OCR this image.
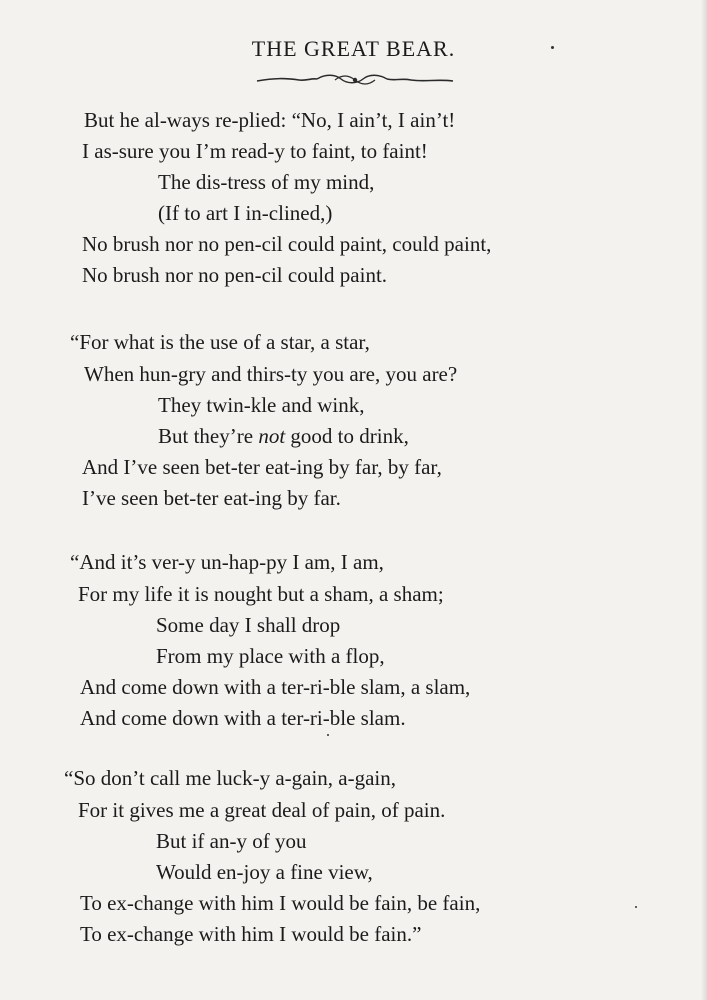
THE GREAT BEAR.
But he al-ways re-plied: “No, I ain’t, I ain’t!
I as-sure you I’m read-y to faint, to faint!
The dis-tress of my mind,
(If to art I in-clined,)
No brush nor no pen-cil could paint, could paint,
No brush nor no pen-cil could paint.
“For what is the use of a star, a star,
When hun-gry and thirs-ty you are, you are?
They twin-kle and wink,
But they’re not good to drink,
And I’ve seen bet-ter eat-ing by far, by far,
I’ve seen bet-ter eat-ing by far.
“And it’s ver-y un-hap-py I am, I am,
For my life it is nought but a sham, a sham;
Some day I shall drop
From my place with a flop,
And come down with a ter-ri-ble slam, a slam,
And come down with a ter-ri-ble slam.
“So don’t call me luck-y a-gain, a-gain,
For it gives me a great deal of pain, of pain.
But if an-y of you
Would en-joy a fine view,
To ex-change with him I would be fain, be fain,
To ex-change with him I would be fain.”
